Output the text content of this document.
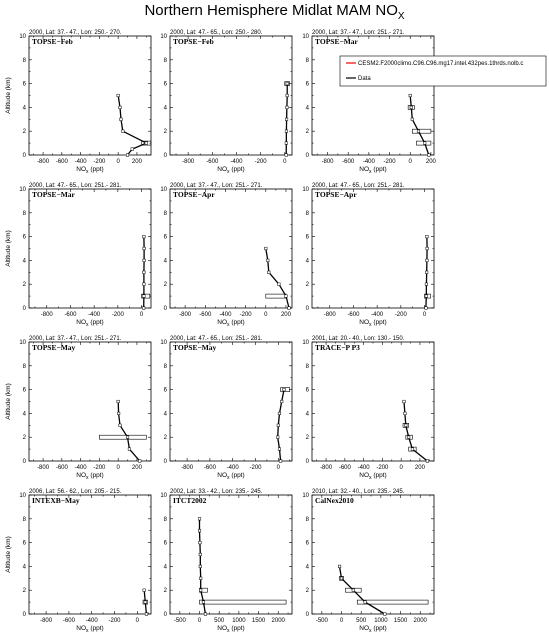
Northern Hemisphere Midlat MAM $NO_X$
2000, Lat: 37.- 47., Lon: 250.- 270.
TOPSE−Feb
0
2
4
6
8
10
-800 -600 -400 -200 0 200
$NO_x$ (ppt)
Altitude (km)
2000, Lat: 47.- 65., Lon: 250.- 280.
TOPSE−Feb
0
2
4
6
8
10
-800 -600 -400 -200	0
$NO_x$ (ppt)
2000, Lat: 37.- 47., Lon: 251.- 271.
TOPSE−Mar
0
2
4
6
8
10
-800 -600 -400 -200 0 200
$NO_x$ (ppt)
2000, Lat: 47.- 65., Lon: 251.- 281.
TOPSE−Mar
0
2
4
6
8
10
-800 -600 -400 -200	0
$NO_x$ (ppt)
Altitude (km)
2000, Lat: 37.- 47., Lon: 251.- 271.
TOPSE−Apr
0
2
4
6
8
10
-800 -600 -400 -200 0 200
$NO_x$ (ppt)
2000, Lat: 47.- 65., Lon: 251.- 281.
TOPSE−Apr
0
2
4
6
8
10
-800 -600 -400 -200	0
$NO_x$ (ppt)
2000, Lat: 37.- 47., Lon: 251.- 271.
TOPSE−May
0
2
4
6
8
10
-800 -600 -400 -200 0 200
$NO_x$ (ppt)
Altitude (km)
2000, Lat: 47.- 65., Lon: 251.- 281.
TOPSE−May
0
2
4
6
8
10
-800 -600 -400 -200	0
$NO_x$ (ppt)
2001, Lat: 20.- 40., Lon: 130.- 150.
TRACE−P P3
0
2
4
6
8
10
-800 -600 -400 -200 0 200
$NO_x$ (ppt)
2006, Lat: 56.- 62., Lon: 205.- 215.
INTEXB−May
0
2
4
6
8
10
-800 -600 -400 -200	0
$NO_x$ (ppt)
Altitude (km)
2002, Lat: 33.- 42., Lon: 235.- 245.
ITCT2002
0
2
4
6
8
10
-500 0 500 1000 1500 2000
$NO_x$ (ppt)
2010, Lat: 32.- 40., Lon: 235.- 245.
CalNex2010
0
2
4
6
8
10
-500 0 500 1000 1500 2000
$NO_x$ (ppt)
CESM2.F2000climo.C96.C96.mg17.intel.432pes.1thrds.nolb.c
Data
